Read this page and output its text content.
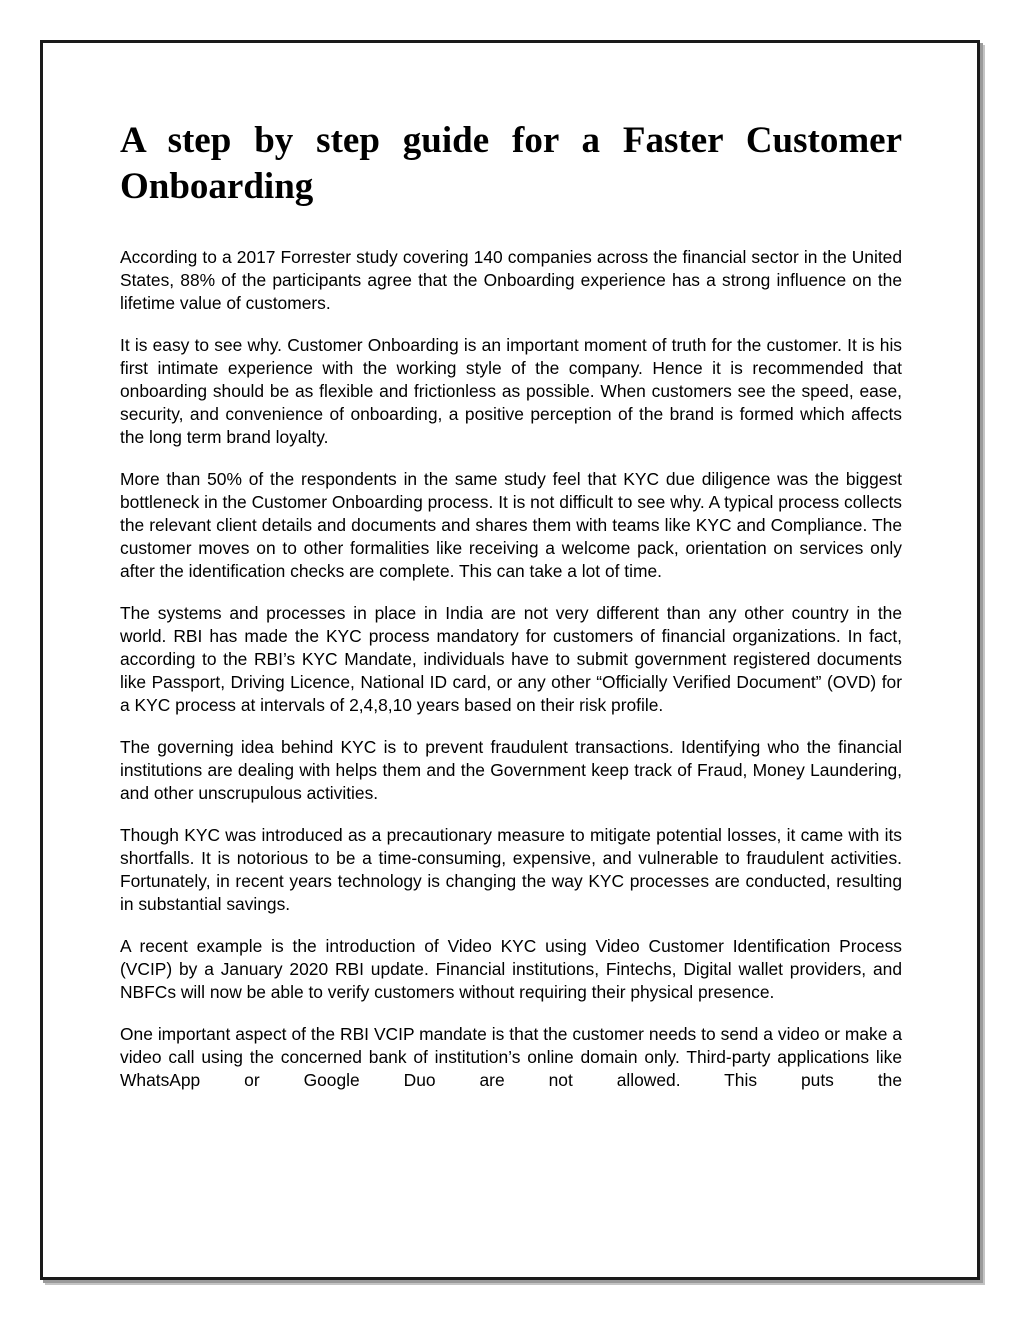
A step by step guide for a Faster Customer Onboarding

According to a 2017 Forrester study covering 140 companies across the financial sector in the United States, 88% of the participants agree that the Onboarding experience has a strong influence on the lifetime value of customers.

It is easy to see why. Customer Onboarding is an important moment of truth for the customer. It is his first intimate experience with the working style of the company. Hence it is recommended that onboarding should be as flexible and frictionless as possible. When customers see the speed, ease, security, and convenience of onboarding, a positive perception of the brand is formed which affects the long term brand loyalty.

More than 50% of the respondents in the same study feel that KYC due diligence was the biggest bottleneck in the Customer Onboarding process. It is not difficult to see why. A typical process collects the relevant client details and documents and shares them with teams like KYC and Compliance. The customer moves on to other formalities like receiving a welcome pack, orientation on services only after the identification checks are complete. This can take a lot of time.

The systems and processes in place in India are not very different than any other country in the world. RBI has made the KYC process mandatory for customers of financial organizations. In fact, according to the RBI’s KYC Mandate, individuals have to submit government registered documents like Passport, Driving Licence, National ID card, or any other “Officially Verified Document” (OVD) for a KYC process at intervals of 2,4,8,10 years based on their risk profile.

The governing idea behind KYC is to prevent fraudulent transactions. Identifying who the financial institutions are dealing with helps them and the Government keep track of Fraud, Money Laundering, and other unscrupulous activities.

Though KYC was introduced as a precautionary measure to mitigate potential losses, it came with its shortfalls. It is notorious to be a time-consuming, expensive, and vulnerable to fraudulent activities. Fortunately, in recent years technology is changing the way KYC processes are conducted, resulting in substantial savings.

A recent example is the introduction of Video KYC using Video Customer Identification Process (VCIP) by a January 2020 RBI update. Financial institutions, Fintechs, Digital wallet providers, and NBFCs will now be able to verify customers without requiring their physical presence.

One important aspect of the RBI VCIP mandate is that the customer needs to send a video or make a video call using the concerned bank of institution’s online domain only. Third-party applications like WhatsApp or Google Duo are not allowed. This puts the
